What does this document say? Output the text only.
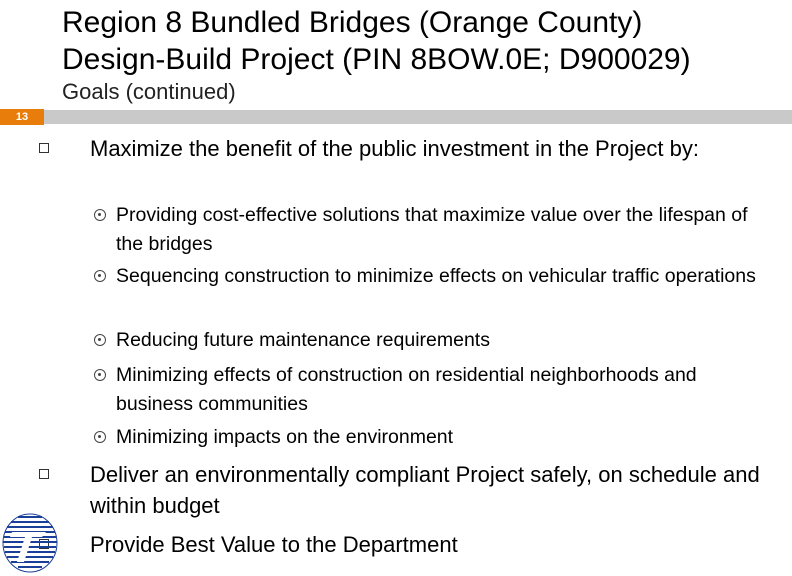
Region 8 Bundled Bridges (Orange County)
Design-Build Project (PIN 8BOW.0E; D900029)
Goals (continued)
13
Maximize the benefit of the public investment in the Project by:
Providing cost-effective solutions that maximize value over the lifespan of the bridges
Sequencing construction to minimize effects on vehicular traffic operations
Reducing future maintenance requirements
Minimizing effects of construction on residential neighborhoods and business communities
Minimizing impacts on the environment
Deliver an environmentally compliant Project safely, on schedule and within budget
Provide Best Value to the Department
